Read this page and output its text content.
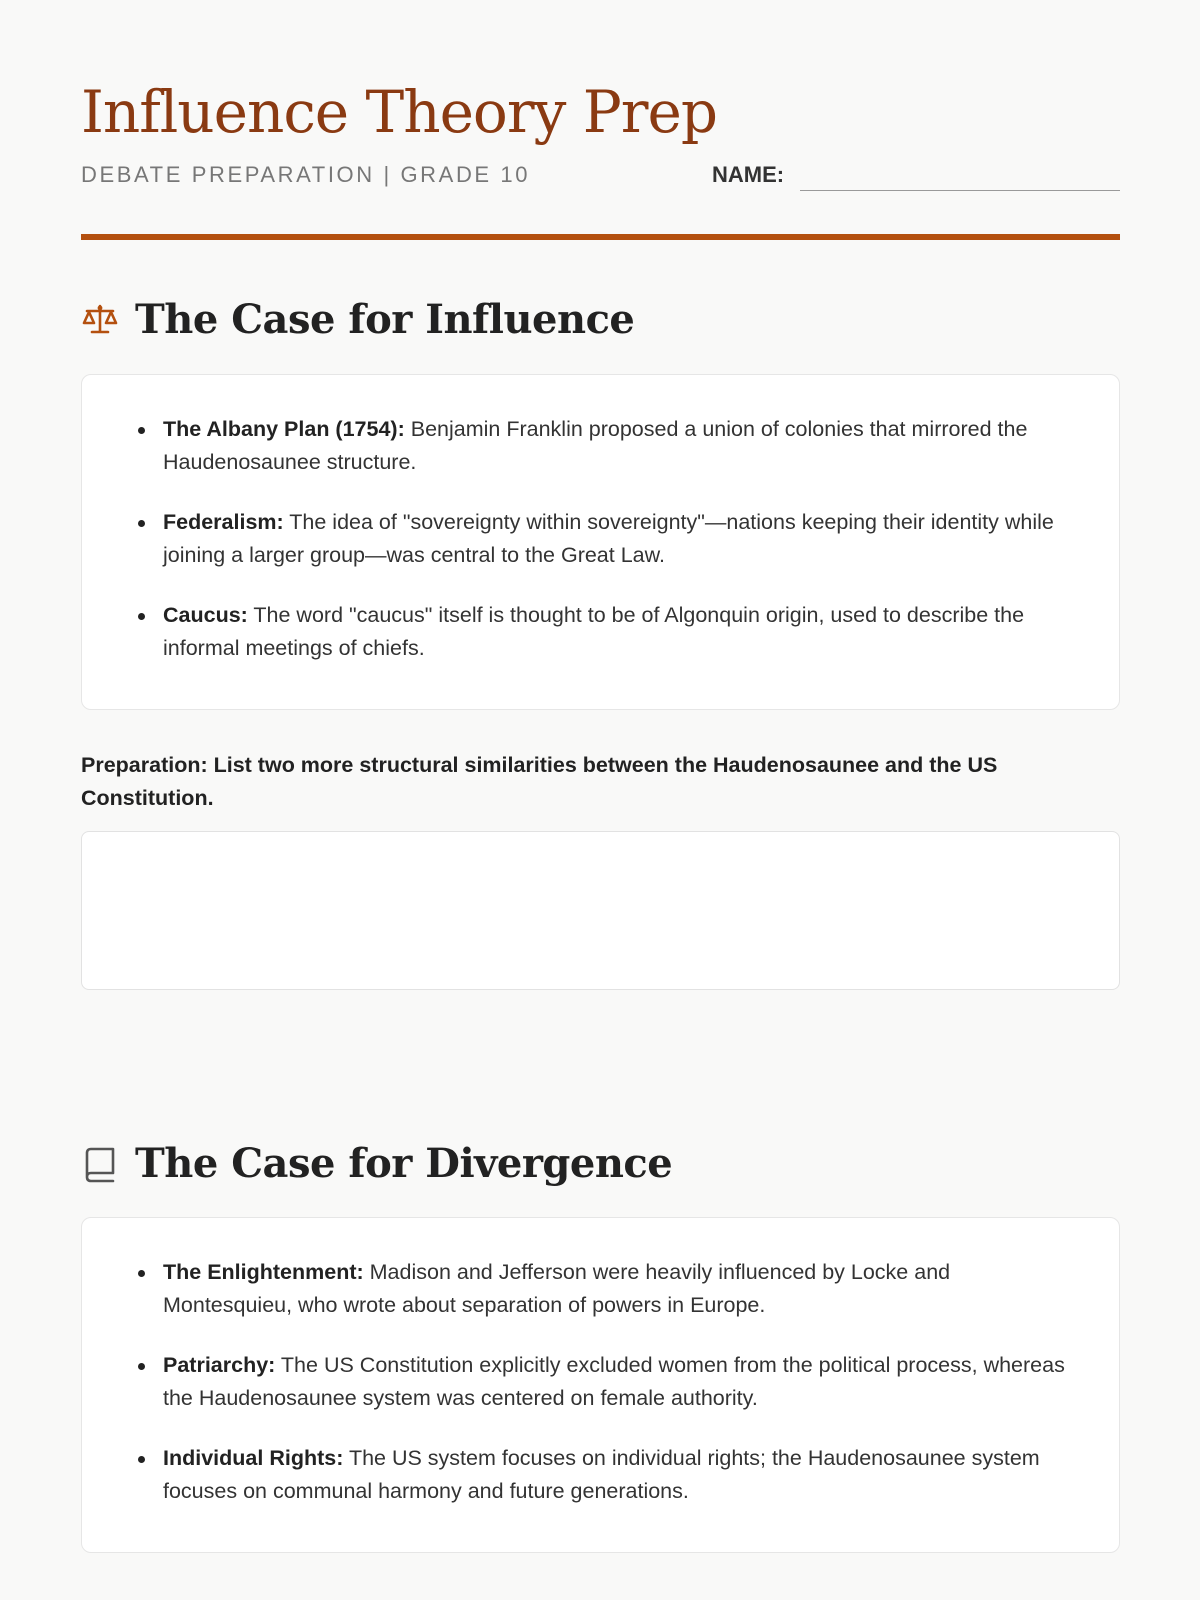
Influence Theory Prep
DEBATE PREPARATION | GRADE 10	NAME:
The Case for Influence
The Albany Plan (1754): Benjamin Franklin proposed a union of colonies that mirrored the Haudenosaunee structure.
Federalism: The idea of "sovereignty within sovereignty"—nations keeping their identity while joining a larger group—was central to the Great Law.
Caucus: The word "caucus" itself is thought to be of Algonquin origin, used to describe the informal meetings of chiefs.
Preparation: List two more structural similarities between the Haudenosaunee and the US Constitution.
The Case for Divergence
The Enlightenment: Madison and Jefferson were heavily influenced by Locke and Montesquieu, who wrote about separation of powers in Europe.
Patriarchy: The US Constitution explicitly excluded women from the political process, whereas the Haudenosaunee system was centered on female authority.
Individual Rights: The US system focuses on individual rights; the Haudenosaunee system focuses on communal harmony and future generations.
